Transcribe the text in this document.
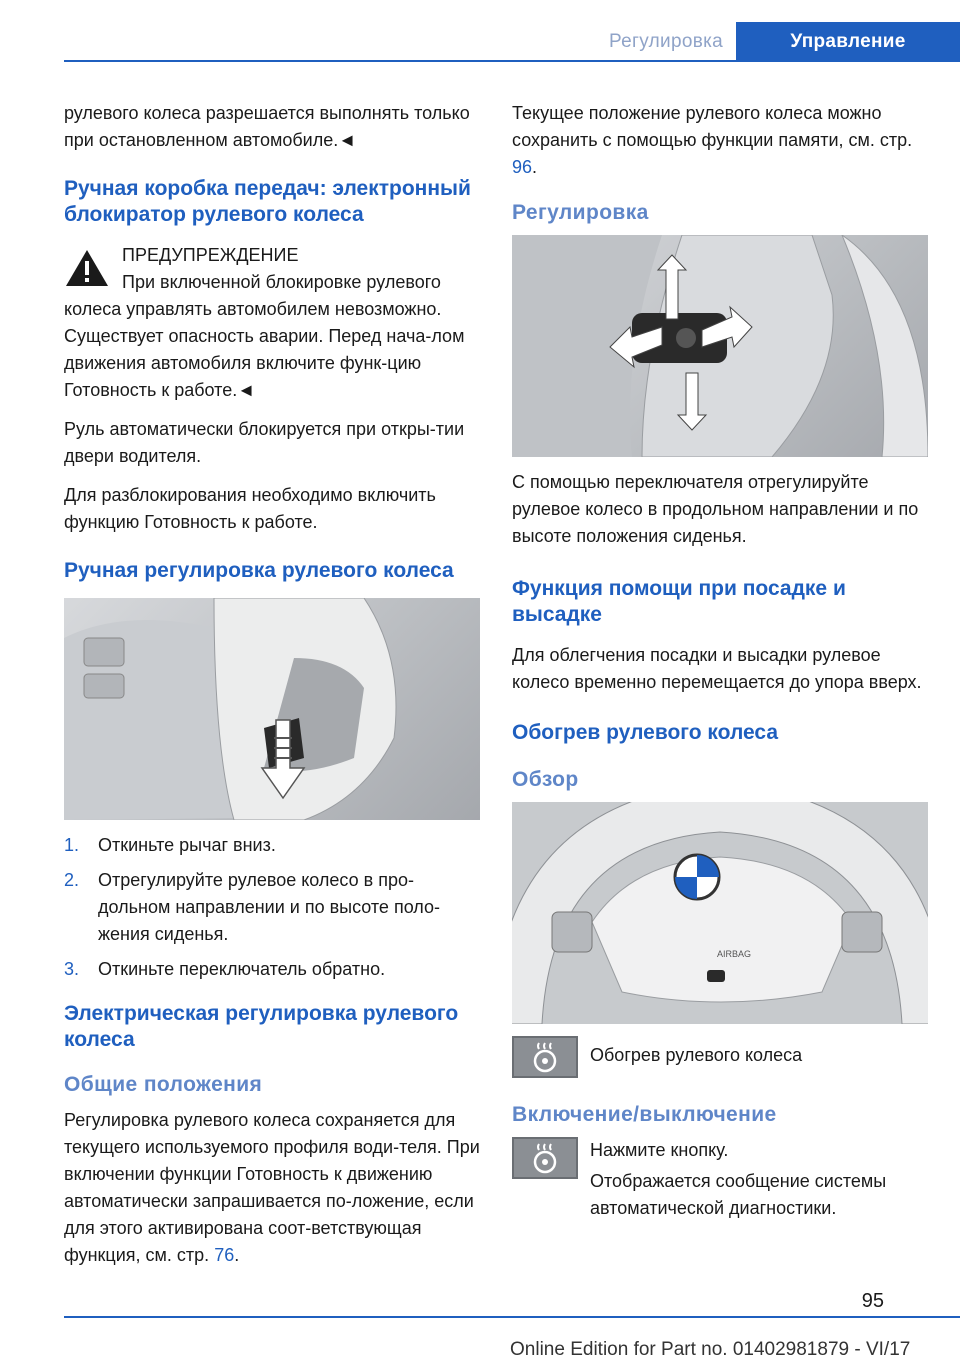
Регулировка	Управление

рулевого колеса разрешается выполнять только при остановленном автомобиле.◄

Ручная коробка передач: электронный блокиратор рулевого колеса

ПРЕДУПРЕЖДЕНИЕ

При включенной блокировке рулевого колеса управлять автомобилем невозможно. Существует опасность аварии. Перед нача-лом движения автомобиля включите функ-цию Готовность к работе.◄

Руль автоматически блокируется при откры-тии двери водителя.

Для разблокирования необходимо включить функцию Готовность к работе.

Ручная регулировка рулевого колеса
1. Откиньте рычаг вниз.
2. Отрегулируйте рулевое колесо в про-дольном направлении и по высоте поло-жения сиденья.
3. Откиньте переключатель обратно.
Электрическая регулировка рулевого колеса
Общие положения

Регулировка рулевого колеса сохраняется для текущего используемого профиля води-теля. При включении функции Готовность к движению автоматически запрашивается по-ложение, если для этого активирована соот-ветствующая функция, см. стр. 76.

Текущее положение рулевого колеса можно сохранить с помощью функции памяти, см. стр. 96.

Регулировка

С помощью переключателя отрегулируйте рулевое колесо в продольном направлении и по высоте положения сиденья.

Функция помощи при посадке и высадке

Для облегчения посадки и высадки рулевое колесо временно перемещается до упора вверх.

Обогрев рулевого колеса
Обзор
AIRBAG

Обогрев рулевого колеса

Включение/выключение

Нажмите кнопку.

Отображается сообщение системы автоматической диагностики.

95
Online Edition for Part no. 01402981879 - VI/17
